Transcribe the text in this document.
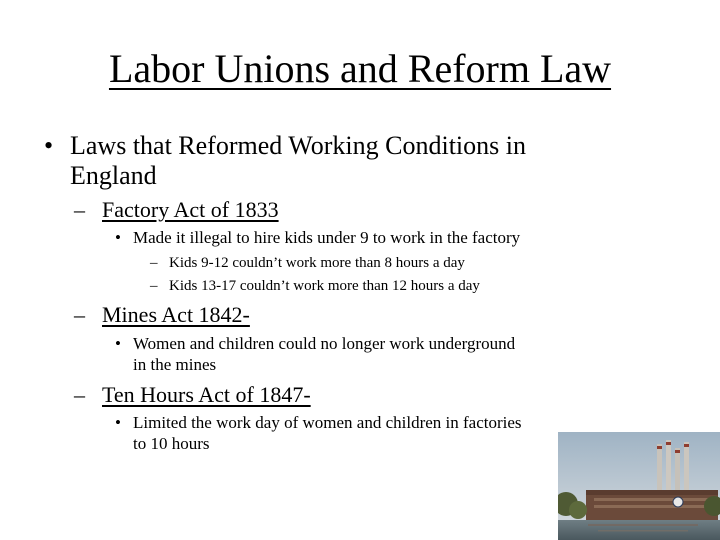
Labor Unions and Reform Law
• Laws that Reformed Working Conditions in
England
– Factory Act of 1833
• Made it illegal to hire kids under 9 to work in the factory
– Kids 9-12 couldn’t work more than 8 hours a day
– Kids 13-17 couldn’t work more than 12 hours a day
– Mines Act 1842-
• Women and children could no longer work underground
in the mines
– Ten Hours Act of 1847-
• Limited the work day of women and children in factories
to 10 hours
